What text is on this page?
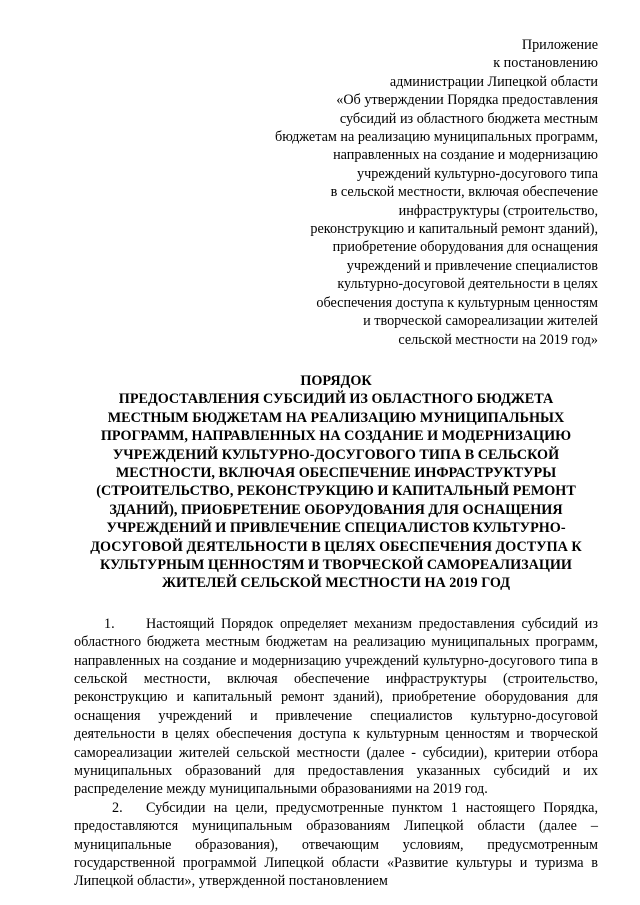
Приложение
к постановлению
администрации Липецкой области
«Об утверждении Порядка предоставления
субсидий из областного бюджета местным
бюджетам на реализацию муниципальных программ,
направленных на создание и модернизацию
учреждений культурно-досугового типа
в сельской местности, включая обеспечение
инфраструктуры (строительство,
реконструкцию и капитальный ремонт зданий),
приобретение оборудования для оснащения
учреждений и привлечение специалистов
культурно-досуговой деятельности в целях
обеспечения доступа к культурным ценностям
и творческой самореализации жителей
сельской местности на 2019 год»
ПОРЯДОК
ПРЕДОСТАВЛЕНИЯ СУБСИДИЙ ИЗ ОБЛАСТНОГО БЮДЖЕТА
МЕСТНЫМ БЮДЖЕТАМ НА РЕАЛИЗАЦИЮ МУНИЦИПАЛЬНЫХ
ПРОГРАММ, НАПРАВЛЕННЫХ НА СОЗДАНИЕ И МОДЕРНИЗАЦИЮ
УЧРЕЖДЕНИЙ КУЛЬТУРНО-ДОСУГОВОГО ТИПА В СЕЛЬСКОЙ
МЕСТНОСТИ, ВКЛЮЧАЯ ОБЕСПЕЧЕНИЕ ИНФРАСТРУКТУРЫ
(СТРОИТЕЛЬСТВО, РЕКОНСТРУКЦИЮ И КАПИТАЛЬНЫЙ РЕМОНТ
ЗДАНИЙ), ПРИОБРЕТЕНИЕ ОБОРУДОВАНИЯ ДЛЯ ОСНАЩЕНИЯ
УЧРЕЖДЕНИЙ И ПРИВЛЕЧЕНИЕ СПЕЦИАЛИСТОВ КУЛЬТУРНО-
ДОСУГОВОЙ ДЕЯТЕЛЬНОСТИ В ЦЕЛЯХ ОБЕСПЕЧЕНИЯ ДОСТУПА К
КУЛЬТУРНЫМ ЦЕННОСТЯМ И ТВОРЧЕСКОЙ САМОРЕАЛИЗАЦИИ
ЖИТЕЛЕЙ СЕЛЬСКОЙ МЕСТНОСТИ НА 2019 ГОД

1. Настоящий Порядок определяет механизм предоставления субсидий из областного бюджета местным бюджетам на реализацию муниципальных программ, направленных на создание и модернизацию учреждений культурно-досугового типа в сельской местности, включая обеспечение инфраструктуры (строительство, реконструкцию и капитальный ремонт зданий), приобретение оборудования для оснащения учреждений и привлечение специалистов культурно-досуговой деятельности в целях обеспечения доступа к культурным ценностям и творческой самореализации жителей сельской местности (далее - субсидии), критерии отбора муниципальных образований для предоставления указанных субсидий и их распределение между муниципальными образованиями на 2019 год.

2. Субсидии на цели, предусмотренные пунктом 1 настоящего Порядка, предоставляются муниципальным образованиям Липецкой области (далее – муниципальные образования), отвечающим условиям, предусмотренным государственной программой Липецкой области «Развитие культуры и туризма в Липецкой области», утвержденной постановлением
